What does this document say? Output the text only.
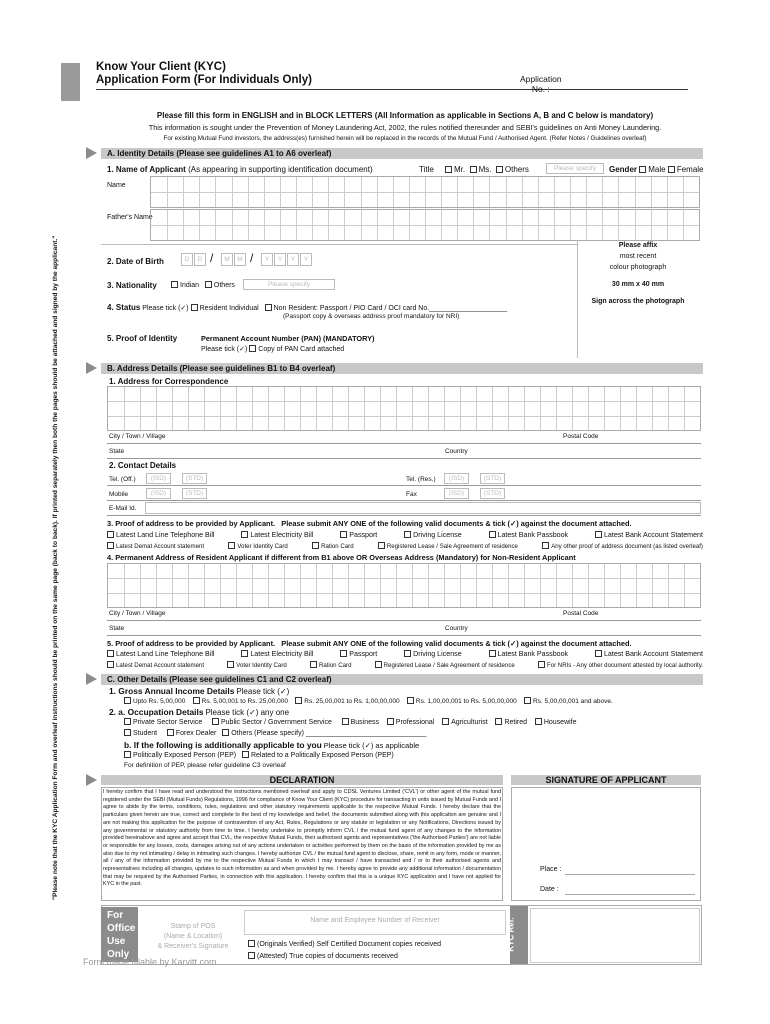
Know Your Client (KYC)
Application Form (For Individuals Only)	Application
No. :
Please fill this form in ENGLISH and in BLOCK LETTERS (All Information as applicable in Sections A, B and C below is mandatory)
This information is sought under the Prevention of Money Laundering Act, 2002, the rules notified thereunder and SEBI's guidelines on Anti Money Laundering.
For existing Mutual Fund investors, the address(es) furnished herein will be replaced in the records of the Mutual Fund / Authorised Agent. (Refer Notes / Guidelines overleaf)
"Please note that the KYC Application Form and overleaf instructions should be printed on the same page (back to back). If printed separately then both the pages should be attached and signed by the applicant."
A. Identity Details (Please see guidelines A1 to A6 overleaf)
1. Name of Applicant (As appearing in supporting identification document)	Title	Mr. Ms. Others	Please specify	Gender Male Female
Name
Father's Name
2. Date of Birth	D	D /	M	M /	Y	Y	Y	Y
3. Nationality	Indian Others	Please specify
4. Status Please tick (✓) Resident Individual Non Resident: Passport / PIO Card / OCI card No.____________________
(Passport copy & overseas address proof mandatory for NRI)
5. Proof of Identity	Permanent Account Number (PAN) (MANDATORY)
Please tick (✓) Copy of PAN Card attached
Please affix
most recent
colour photograph
30 mm x 40 mm
Sign across the photograph
B. Address Details (Please see guidelines B1 to B4 overleaf)
1. Address for Correspondence
City / Town / Village	Postal Code
State	Country
2. Contact Details
Tel. (Off.)	(ISD)	(STD)	Tel. (Res.)	(ISD)	(STD)
Mobile	(ISD)	(STD)	Fax	(ISD)	(STD)
E-Mail Id.
3. Proof of address to be provided by Applicant. Please submit ANY ONE of the following valid documents & tick (✓) against the document attached.
Latest Land Line Telephone Bill	Latest Electricity Bill	Passport	Driving License	Latest Bank Passbook	Latest Bank Account Statement
Latest Demat Account statement	Voter Identity Card	Ration Card	Registered Lease / Sale Agreement of residence	Any other proof of address document (as listed overleaf)
4. Permanent Address of Resident Applicant if different from B1 above OR Overseas Address (Mandatory) for Non-Resident Applicant
City / Town / Village	Postal Code
State	Country
5. Proof of address to be provided by Applicant. Please submit ANY ONE of the following valid documents & tick (✓) against the document attached.
Latest Land Line Telephone Bill	Latest Electricity Bill	Passport	Driving License	Latest Bank Passbook	Latest Bank Account Statement
Latest Demat Account statement	Voter Identity Card	Ration Card	Registered Lease / Sale Agreement of residence	For NRIs - Any other document attested by local authority.
C. Other Details (Please see guidelines C1 and C2 overleaf)
1. Gross Annual Income Details Please tick (✓)
Upto Rs. 5,00,000 Rs. 5,00,001 to Rs. 25,00,000 Rs. 25,00,001 to Rs. 1,00,00,000 Rs. 1,00,00,001 to Rs. 5,00,00,000 Rs. 5,00,00,001 and above.
2. a. Occupation Details Please tick (✓) any one
Private Sector Service	Public Sector / Government Service	Business Professional Agriculturist Retired Housewife
Student	Forex Dealer Others (Please specify) _______________________________
b. If the following is additionally applicable to you Please tick (✓) as applicable
Politically Exposed Person (PEP) Related to a Politically Exposed Person (PEP)
For definition of PEP, please refer guideline C3 overleaf
DECLARATION
I hereby confirm that I have read and understood the instructions mentioned overleaf and apply to CDSL Ventures Limited ('CVL') or other agent of the mutual fund registered under the SEBI (Mutual Funds) Regulations, 1996 for compliance of Know Your Client (KYC) procedure for transacting in units issued by Mutual Funds and I agree to abide by the terms, conditions, rules, regulations and other statutory requirements applicable to the respective Mutual Funds. I hereby declare that the particulars given herein are true, correct and complete to the best of my knowledge and belief, the documents submitted along with this application are genuine and I am not making this application for the purpose of contravention of any Act, Rules, Regulations or any statute or legislation or any Notifications, Directions issued by any governmental or statutory authority from time to time. I hereby undertake to promptly inform CVL / the mutual fund agent of any changes to the information provided hereinabove and agree and accept that CVL, the respective Mutual Funds, their authorised agents and representatives ('the Authorised Parties') are not liable or responsible for any losses, costs, damages arising out of any actions undertaken or activities performed by them on the basis of the information provided by me as also due to my not intimating / delay in intimating such changes. I hereby authorize CVL / the mutual fund agent to disclose, share, remit in any form, mode or manner, all / any of the information provided by me to the respective Mutual Funds in which I may transact / have transacted and / or to their authorised agents and representatives including all changes, updates to such information as and when provided by me. I hereby agree to provide any additional information / documentation that may be required by the Authorised Parties, in connection with this application. I hereby confirm that this is a unique KYC application and I have not applied for KYC in the past.
SIGNATURE OF APPLICANT
Place :
Date :
For
Office
Use
Only
Stamp of POS
(Name & Location)
& Receiver's Signature
Name and Employee Number of Receiver
(Originals Verified) Self Certified Document copies received
(Attested) True copies of documents received
KYC Ref.
Form made fillable by Karvitt.com
